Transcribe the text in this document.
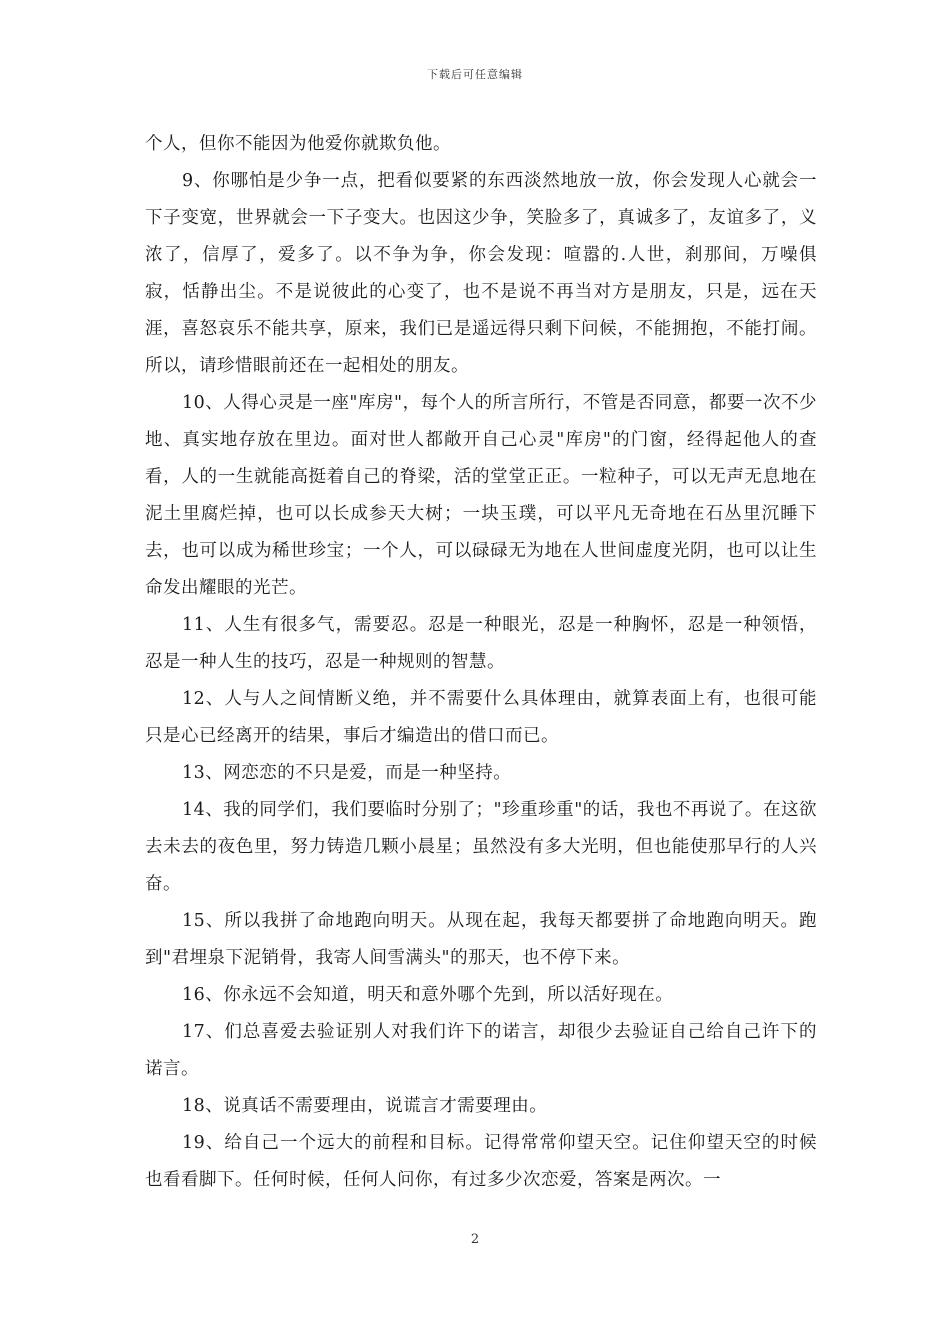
下载后可任意编辑

个人，但你不能因为他爱你就欺负他。

9、你哪怕是少争一点，把看似要紧的东西淡然地放一放，你会发现人心就会一下子变宽，世界就会一下子变大。也因这少争，笑脸多了，真诚多了，友谊多了，义浓了，信厚了，爱多了。以不争为争，你会发现：喧嚣的.人世，刹那间，万噪俱寂，恬静出尘。不是说彼此的心变了，也不是说不再当对方是朋友，只是，远在天涯，喜怒哀乐不能共享，原来，我们已是遥远得只剩下问候，不能拥抱，不能打闹。所以，请珍惜眼前还在一起相处的朋友。

10、人得心灵是一座"库房"，每个人的所言所行，不管是否同意，都要一次不少地、真实地存放在里边。面对世人都敞开自己心灵"库房"的门窗，经得起他人的查看，人的一生就能高挺着自己的脊梁，活的堂堂正正。一粒种子，可以无声无息地在泥土里腐烂掉，也可以长成参天大树；一块玉璞，可以平凡无奇地在石丛里沉睡下去，也可以成为稀世珍宝；一个人，可以碌碌无为地在人世间虚度光阴，也可以让生命发出耀眼的光芒。

11、人生有很多气，需要忍。忍是一种眼光，忍是一种胸怀，忍是一种领悟，忍是一种人生的技巧，忍是一种规则的智慧。

12、人与人之间情断义绝，并不需要什么具体理由，就算表面上有，也很可能只是心已经离开的结果，事后才编造出的借口而已。

13、网恋恋的不只是爱，而是一种坚持。

14、我的同学们，我们要临时分别了；"珍重珍重"的话，我也不再说了。在这欲去未去的夜色里，努力铸造几颗小晨星；虽然没有多大光明，但也能使那早行的人兴奋。

15、所以我拼了命地跑向明天。从现在起，我每天都要拼了命地跑向明天。跑到"君埋泉下泥销骨，我寄人间雪满头"的那天，也不停下来。

16、你永远不会知道，明天和意外哪个先到，所以活好现在。

17、们总喜爱去验证别人对我们许下的诺言，却很少去验证自己给自己许下的诺言。

18、说真话不需要理由，说谎言才需要理由。

19、给自己一个远大的前程和目标。记得常常仰望天空。记住仰望天空的时候也看看脚下。任何时候，任何人问你，有过多少次恋爱，答案是两次。一

2
